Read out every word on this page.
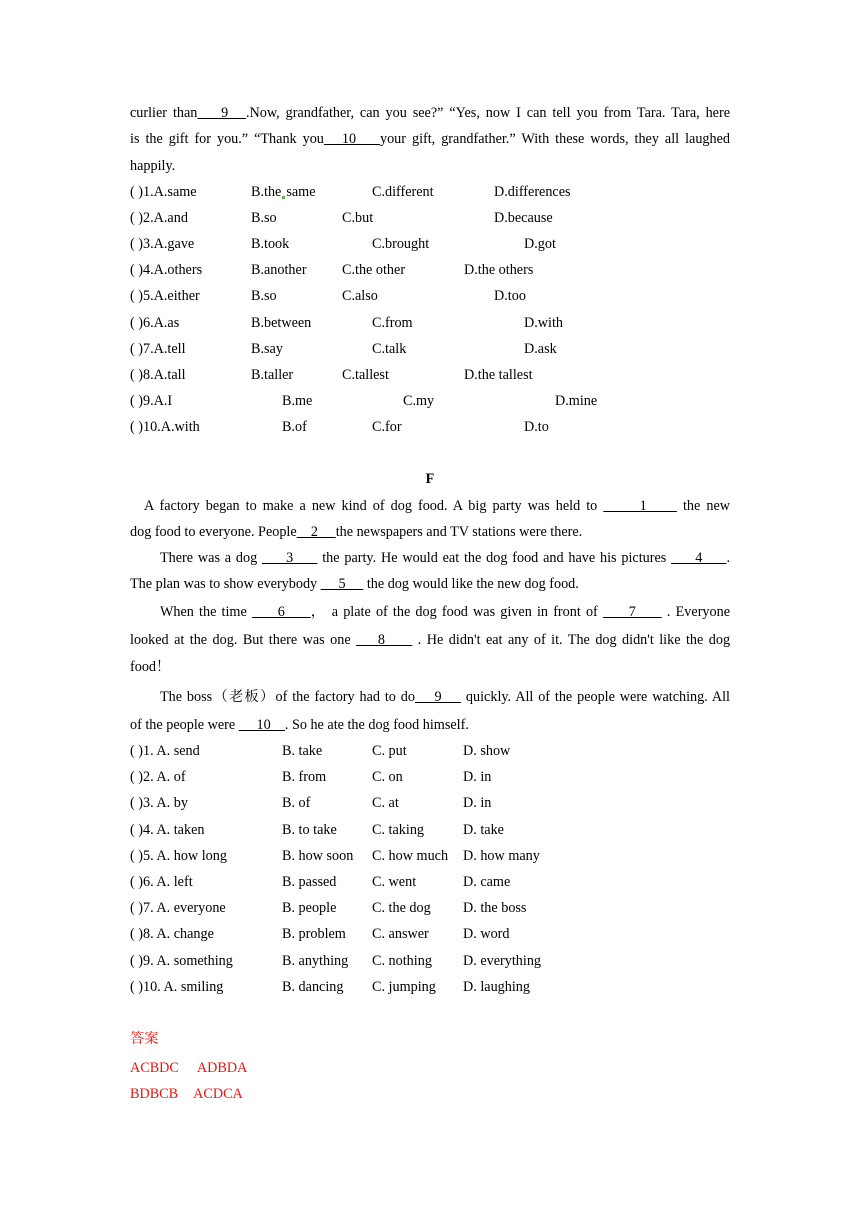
curlier than    9   .Now, grandfather, can you see?” “Yes, now I can tell you from Tara. Tara, here
is the gift for you.” “Thank you   10    your gift, grandfather.” With these words, they all laughed
happily.
( )1.A.same	B.the same	C.different	D.differences
( )2.A.and	B.so	C.but	D.because
( )3.A.gave	B.took	C.brought	D.got
( )4.A.others	B.another C.the other	D.the others
( )5.A.either	B.so	C.also	D.too
( )6.A.as	B.between	C.from	D.with
( )7.A.tell	B.say	C.talk	D.ask
( )8.A.tall	B.taller	C.tallest	D.the tallest
( )9.A.I	B.me	C.my	D.mine
( )10.A.with	B.of	C.for	D.to
F
A factory began to make a new kind of dog food. A big party was held to       1      the new
dog food to everyone. People    2     the newspapers and TV stations were there.
There was a dog      3      the party. He would eat the dog food and have his pictures      4     .
The plan was to show everybody      5      the dog would like the new dog food.
When the time      6     ， a plate of the dog food was given in front of      7      . Everyone
looked at the dog. But there was one     8      . He didn't eat any of it. The dog didn't like the dog
food！
The boss（老板）of the factory had to do    9     quickly. All of the people were watching. All
of the people were      10    . So he ate the dog food himself.
( )1. A. send	B. take	C. put	D. show
( )2. A. of	B. from	C. on	D. in
( )3. A. by	B. of	C. at	D. in
( )4. A. taken	B. to take C. taking	D. take
( )5. A. how long	B. how soon C. how much D. how many
( )6. A. left	B. passed	C. went	D. came
( )7. A. everyone	B. people	C. the dog D. the boss
( )8. A. change	B. problem C. answer D. word
( )9. A. something	B. anything C. nothing D. everything
( )10. A. smiling	B. dancing C. jumping D. laughing
答案
ACBDC ADBDA
BDBCB ACDCA
